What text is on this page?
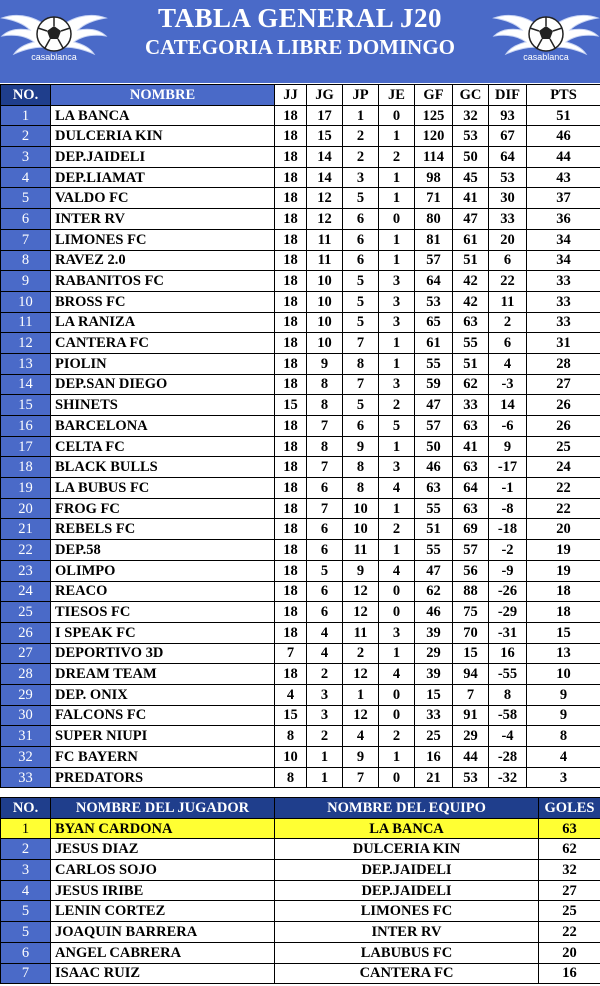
casablanca
TABLA GENERAL J20
CATEGORIA LIBRE DOMINGO	casablanca
NO.	NOMBRE	JJ	JG	JP	JE	GF	GC	DIF	PTS
1	LA BANCA	18	17	1	0	125	32	93	51
2	DULCERIA KIN	18	15	2	1	120	53	67	46
3	DEP.JAIDELI	18	14	2	2	114	50	64	44
4	DEP.LIAMAT	18	14	3	1	98	45	53	43
5	VALDO FC	18	12	5	1	71	41	30	37
6	INTER RV	18	12	6	0	80	47	33	36
7	LIMONES FC	18	11	6	1	81	61	20	34
8	RAVEZ 2.0	18	11	6	1	57	51	6	34
9	RABANITOS FC	18	10	5	3	64	42	22	33
10	BROSS FC	18	10	5	3	53	42	11	33
11	LA RANIZA	18	10	5	3	65	63	2	33
12	CANTERA FC	18	10	7	1	61	55	6	31
13	PIOLIN	18	9	8	1	55	51	4	28
14	DEP.SAN DIEGO	18	8	7	3	59	62	-3	27
15	SHINETS	15	8	5	2	47	33	14	26
16	BARCELONA	18	7	6	5	57	63	-6	26
17	CELTA FC	18	8	9	1	50	41	9	25
18	BLACK BULLS	18	7	8	3	46	63	-17	24
19	LA BUBUS FC	18	6	8	4	63	64	-1	22
20	FROG FC	18	7	10	1	55	63	-8	22
21	REBELS FC	18	6	10	2	51	69	-18	20
22	DEP.58	18	6	11	1	55	57	-2	19
23	OLIMPO	18	5	9	4	47	56	-9	19
24	REACO	18	6	12	0	62	88	-26	18
25	TIESOS FC	18	6	12	0	46	75	-29	18
26	I SPEAK FC	18	4	11	3	39	70	-31	15
27	DEPORTIVO 3D	7	4	2	1	29	15	16	13
28	DREAM TEAM	18	2	12	4	39	94	-55	10
29	DEP. ONIX	4	3	1	0	15	7	8	9
30	FALCONS FC	15	3	12	0	33	91	-58	9
31	SUPER NIUPI	8	2	4	2	25	29	-4	8
32	FC BAYERN	10	1	9	1	16	44	-28	4
33	PREDATORS	8	1	7	0	21	53	-32	3
NO.	NOMBRE DEL JUGADOR	NOMBRE DEL EQUIPO	GOLES
1	BYAN CARDONA	LA BANCA	63
2	JESUS DIAZ	DULCERIA KIN	62
3	CARLOS SOJO	DEP.JAIDELI	32
4	JESUS IRIBE	DEP.JAIDELI	27
5	LENIN CORTEZ	LIMONES FC	25
5	JOAQUIN BARRERA	INTER RV	22
6	ANGEL CABRERA	LABUBUS FC	20
7	ISAAC RUIZ	CANTERA FC	16
